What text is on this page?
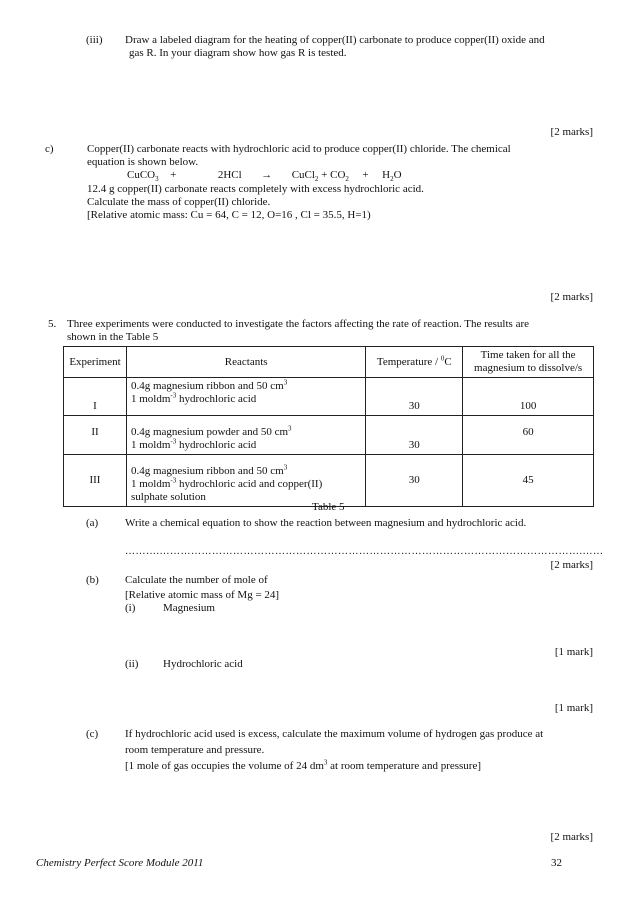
(iii) Draw a labeled diagram for the heating of copper(II) carbonate to produce copper(II) oxide and
gas R. In your diagram show how gas R is tested.
[2 marks]
c)	Copper(II) carbonate reacts with hydrochloric acid to produce copper(II) chloride. The chemical
equation is shown below.
CuCO$_3$ +	2HCl → CuCl$_2$ + $CO_2 + H_2O$
12.4 g copper(II) carbonate reacts completely with excess hydrochloric acid.
Calculate the mass of copper(II) chloride.
[Relative atomic mass: Cu = 64, C = 12, O=16 , Cl = 35.5, H=1)
[2 marks]
5. Three experiments were conducted to investigate the factors affecting the rate of reaction. The results are
shown in the Table 5
Experiment	Reactants	Temperature / $^0$C	Time taken for all the
magnesium to dissolve/s

I	0.4g magnesium ribbon and 50 $cm^3$
1 moldm$^{-3}$ hydrochloric acid	30	100
II	0.4g magnesium powder and 50 $cm^3$
1 moldm$^{-3}$ hydrochloric acid	30	60
III	0.4g magnesium ribbon and 50 $cm^3$
1 moldm$^{-3}$ hydrochloric acid and copper(II)
sulphate solution	30	45
Table 5
(a) Write a chemical equation to show the reaction between magnesium and hydrochloric acid.
……….………………………………………………………………………………………………………….……
[2 marks]
(b) Calculate the number of mole of
[Relative atomic mass of Mg = 24]
(i)	Magnesium
[1 mark]
(ii) Hydrochloric acid
[1 mark]
(c) If hydrochloric acid used is excess, calculate the maximum volume of hydrogen gas produce at
room temperature and pressure.
[1 mole of gas occupies the volume of 24 $dm^3$ at room temperature and pressure]
[2 marks]
Chemistry Perfect Score Module 2011	32
